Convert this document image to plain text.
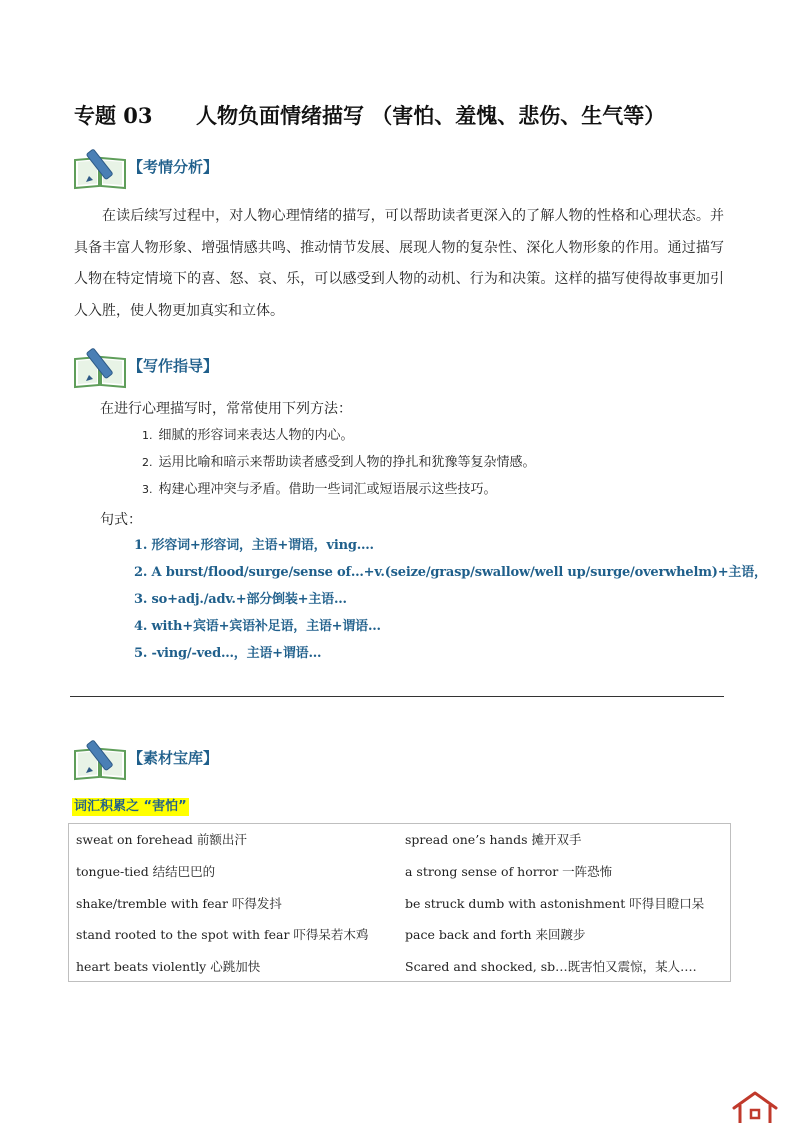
专题 03 人物负面情绪描写 （害怕、羞愧、悲伤、生气等）
【考情分析】
在读后续写过程中，对人物心理情绪的描写，可以帮助读者更深入的了解人物的性格和心理状态。并具备丰富人物形象、增强情感共鸣、推动情节发展、展现人物的复杂性、深化人物形象的作用。通过描写人物在特定情境下的喜、怒、哀、乐，可以感受到人物的动机、行为和决策。这样的描写使得故事更加引人入胜，使人物更加真实和立体。
【写作指导】
在进行心理描写时，常常使用下列方法：
1. 细腻的形容词来表达人物的内心。
2. 运用比喻和暗示来帮助读者感受到人物的挣扎和犹豫等复杂情感。
3. 构建心理冲突与矛盾。借助一些词汇或短语展示这些技巧。
句式：
1. 形容词+形容词，主语+谓语，ving….
2. A burst/flood/surge/sense of…+v.(seize/grasp/swallow/well up/surge/overwhelm)+主语，
3. so+adj./adv.+部分倒装+主语…
4. with+宾语+宾语补足语，主语+谓语…
5. -ving/-ved…，主语+谓语…
【素材宝库】
词汇积累之 “害怕”
sweat on forehead 前额出汗	spread one’s hands 摊开双手
tongue-tied 结结巴巴的	a strong sense of horror 一阵恐怖
shake/tremble with fear 吓得发抖	be struck dumb with astonishment 吓得目瞪口呆
stand rooted to the spot with fear 吓得呆若木鸡	pace back and forth 来回踱步
heart beats violently 心跳加快	Scared and shocked, sb…既害怕又震惊，某人….
